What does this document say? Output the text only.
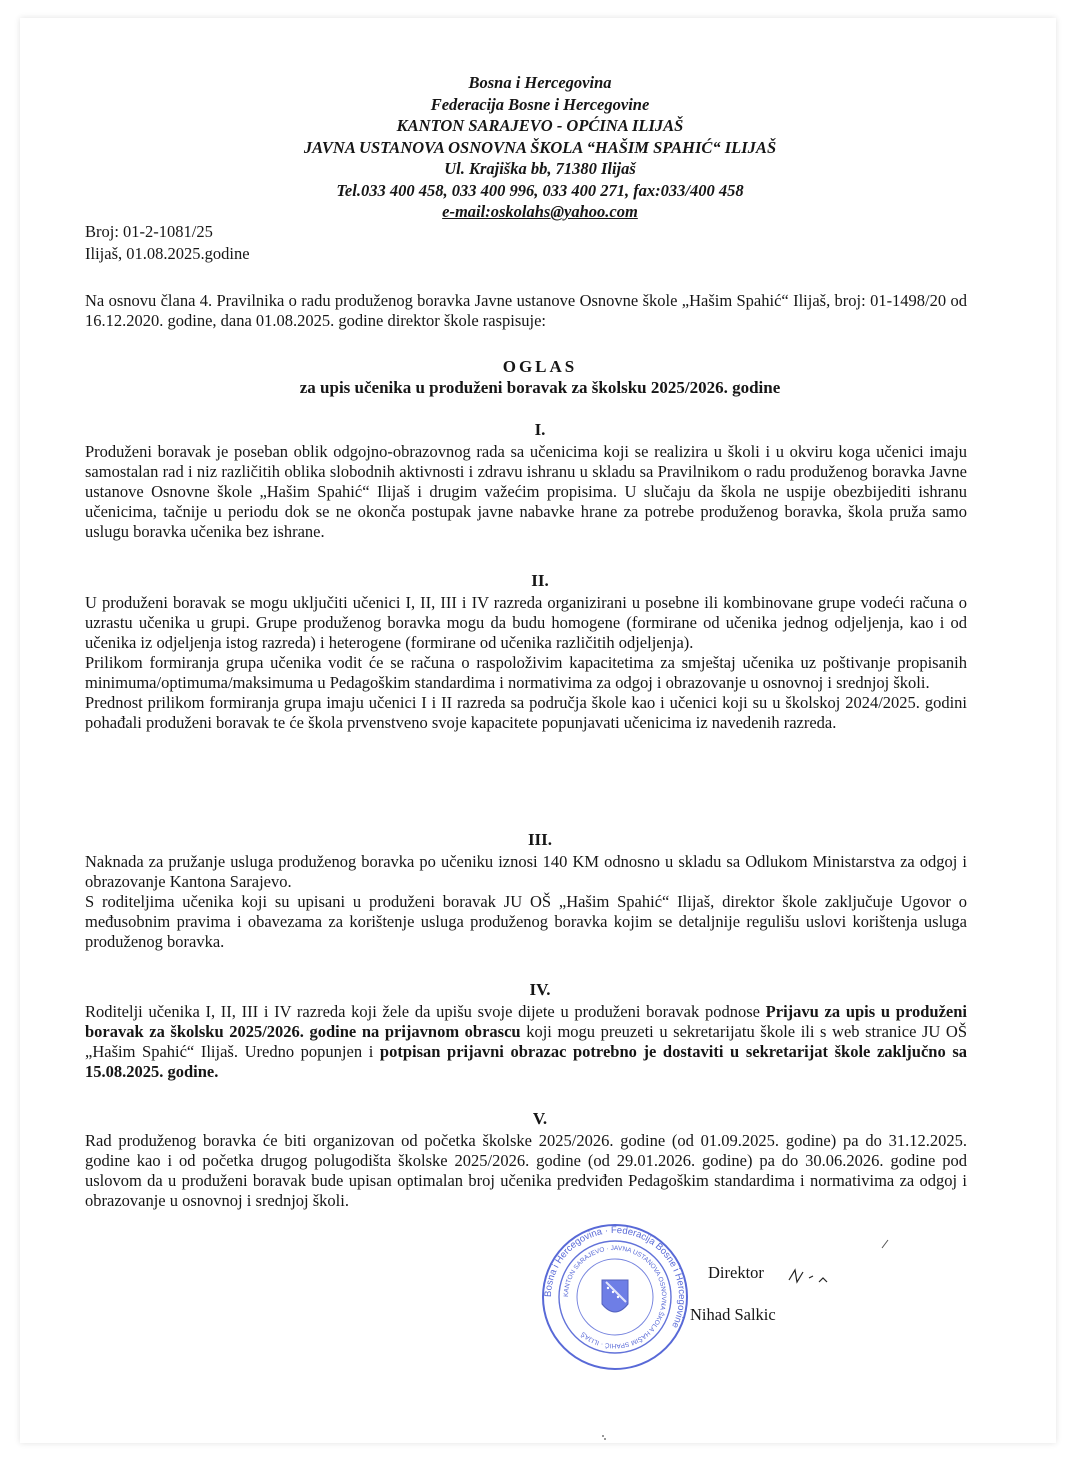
Bosna i Hercegovina
Federacija Bosne i Hercegovine
KANTON SARAJEVO - OPĆINA ILIJAŠ
JAVNA USTANOVA OSNOVNA ŠKOLA “HAŠIM SPAHIĆ“ ILIJAŠ
Ul. Krajiška bb, 71380 Ilijaš
Tel.033 400 458, 033 400 996, 033 400 271, fax:033/400 458
e-mail:oskolahs@yahoo.com
Broj: 01-2-1081/25
Ilijaš, 01.08.2025.godine

Na osnovu člana 4. Pravilnika o radu produženog boravka Javne ustanove Osnovne škole „Hašim Spahić“ Ilijaš, broj: 01-1498/20 od 16.12.2020. godine, dana 01.08.2025. godine direktor škole raspisuje:

OGLAS
za upis učenika u produženi boravak za školsku 2025/2026. godine
I.

Produženi boravak je poseban oblik odgojno-obrazovnog rada sa učenicima koji se realizira u školi i u okviru koga učenici imaju samostalan rad i niz različitih oblika slobodnih aktivnosti i zdravu ishranu u skladu sa Pravilnikom o radu produženog boravka Javne ustanove Osnovne škole „Hašim Spahić“ Ilijaš i drugim važećim propisima. U slučaju da škola ne uspije obezbijediti ishranu učenicima, tačnije u periodu dok se ne okonča postupak javne nabavke hrane za potrebe produženog boravka, škola pruža samo uslugu boravka učenika bez ishrane.

II.

U produženi boravak se mogu uključiti učenici I, II, III i IV razreda organizirani u posebne ili kombinovane grupe vodeći računa o uzrastu učenika u grupi. Grupe produženog boravka mogu da budu homogene (formirane od učenika jednog odjeljenja, kao i od učenika iz odjeljenja istog razreda) i heterogene (formirane od učenika različitih odjeljenja).

Prilikom formiranja grupa učenika vodit će se računa o raspoloživim kapacitetima za smještaj učenika uz poštivanje propisanih minimuma/optimuma/maksimuma u Pedagoškim standardima i normativima za odgoj i obrazovanje u osnovnoj i srednjoj školi.

Prednost prilikom formiranja grupa imaju učenici I i II razreda sa područja škole kao i učenici koji su u školskoj 2024/2025. godini pohađali produženi boravak te će škola prvenstveno svoje kapacitete popunjavati učenicima iz navedenih razreda.

III.

Naknada za pružanje usluga produženog boravka po učeniku iznosi 140 KM odnosno u skladu sa Odlukom Ministarstva za odgoj i obrazovanje Kantona Sarajevo.

S roditeljima učenika koji su upisani u produženi boravak JU OŠ „Hašim Spahić“ Ilijaš, direktor škole zaključuje Ugovor o međusobnim pravima i obavezama za korištenje usluga produženog boravka kojim se detaljnije regulišu uslovi korištenja usluga produženog boravka.

IV.

Roditelji učenika I, II, III i IV razreda koji žele da upišu svoje dijete u produženi boravak podnose Prijavu za upis u produženi boravak za školsku 2025/2026. godine na prijavnom obrascu koji mogu preuzeti u sekretarijatu škole ili s web stranice JU OŠ „Hašim Spahić“ Ilijaš. Uredno popunjen i potpisan prijavni obrazac potrebno je dostaviti u sekretarijat škole zaključno sa 15.08.2025. godine.

V.

Rad produženog boravka će biti organizovan od početka školske 2025/2026. godine (od 01.09.2025. godine) pa do 31.12.2025. godine kao i od početka drugog polugodišta školske 2025/2026. godine (od 29.01.2026. godine) pa do 30.06.2026. godine pod uslovom da u produženi boravak bude upisan optimalan broj učenika predviđen Pedagoškim standardima i normativima za odgoj i obrazovanje u osnovnoj i srednjoj školi.

Bosna i Hercegovina · Federacija Bosne i Hercegovine
KANTON SARAJEVO · JAVNA USTANOVA OSNOVNA ŠKOLA HAŠIM SPAHIĆ · ILIJAŠ
Direktor
Nihad Salkic
